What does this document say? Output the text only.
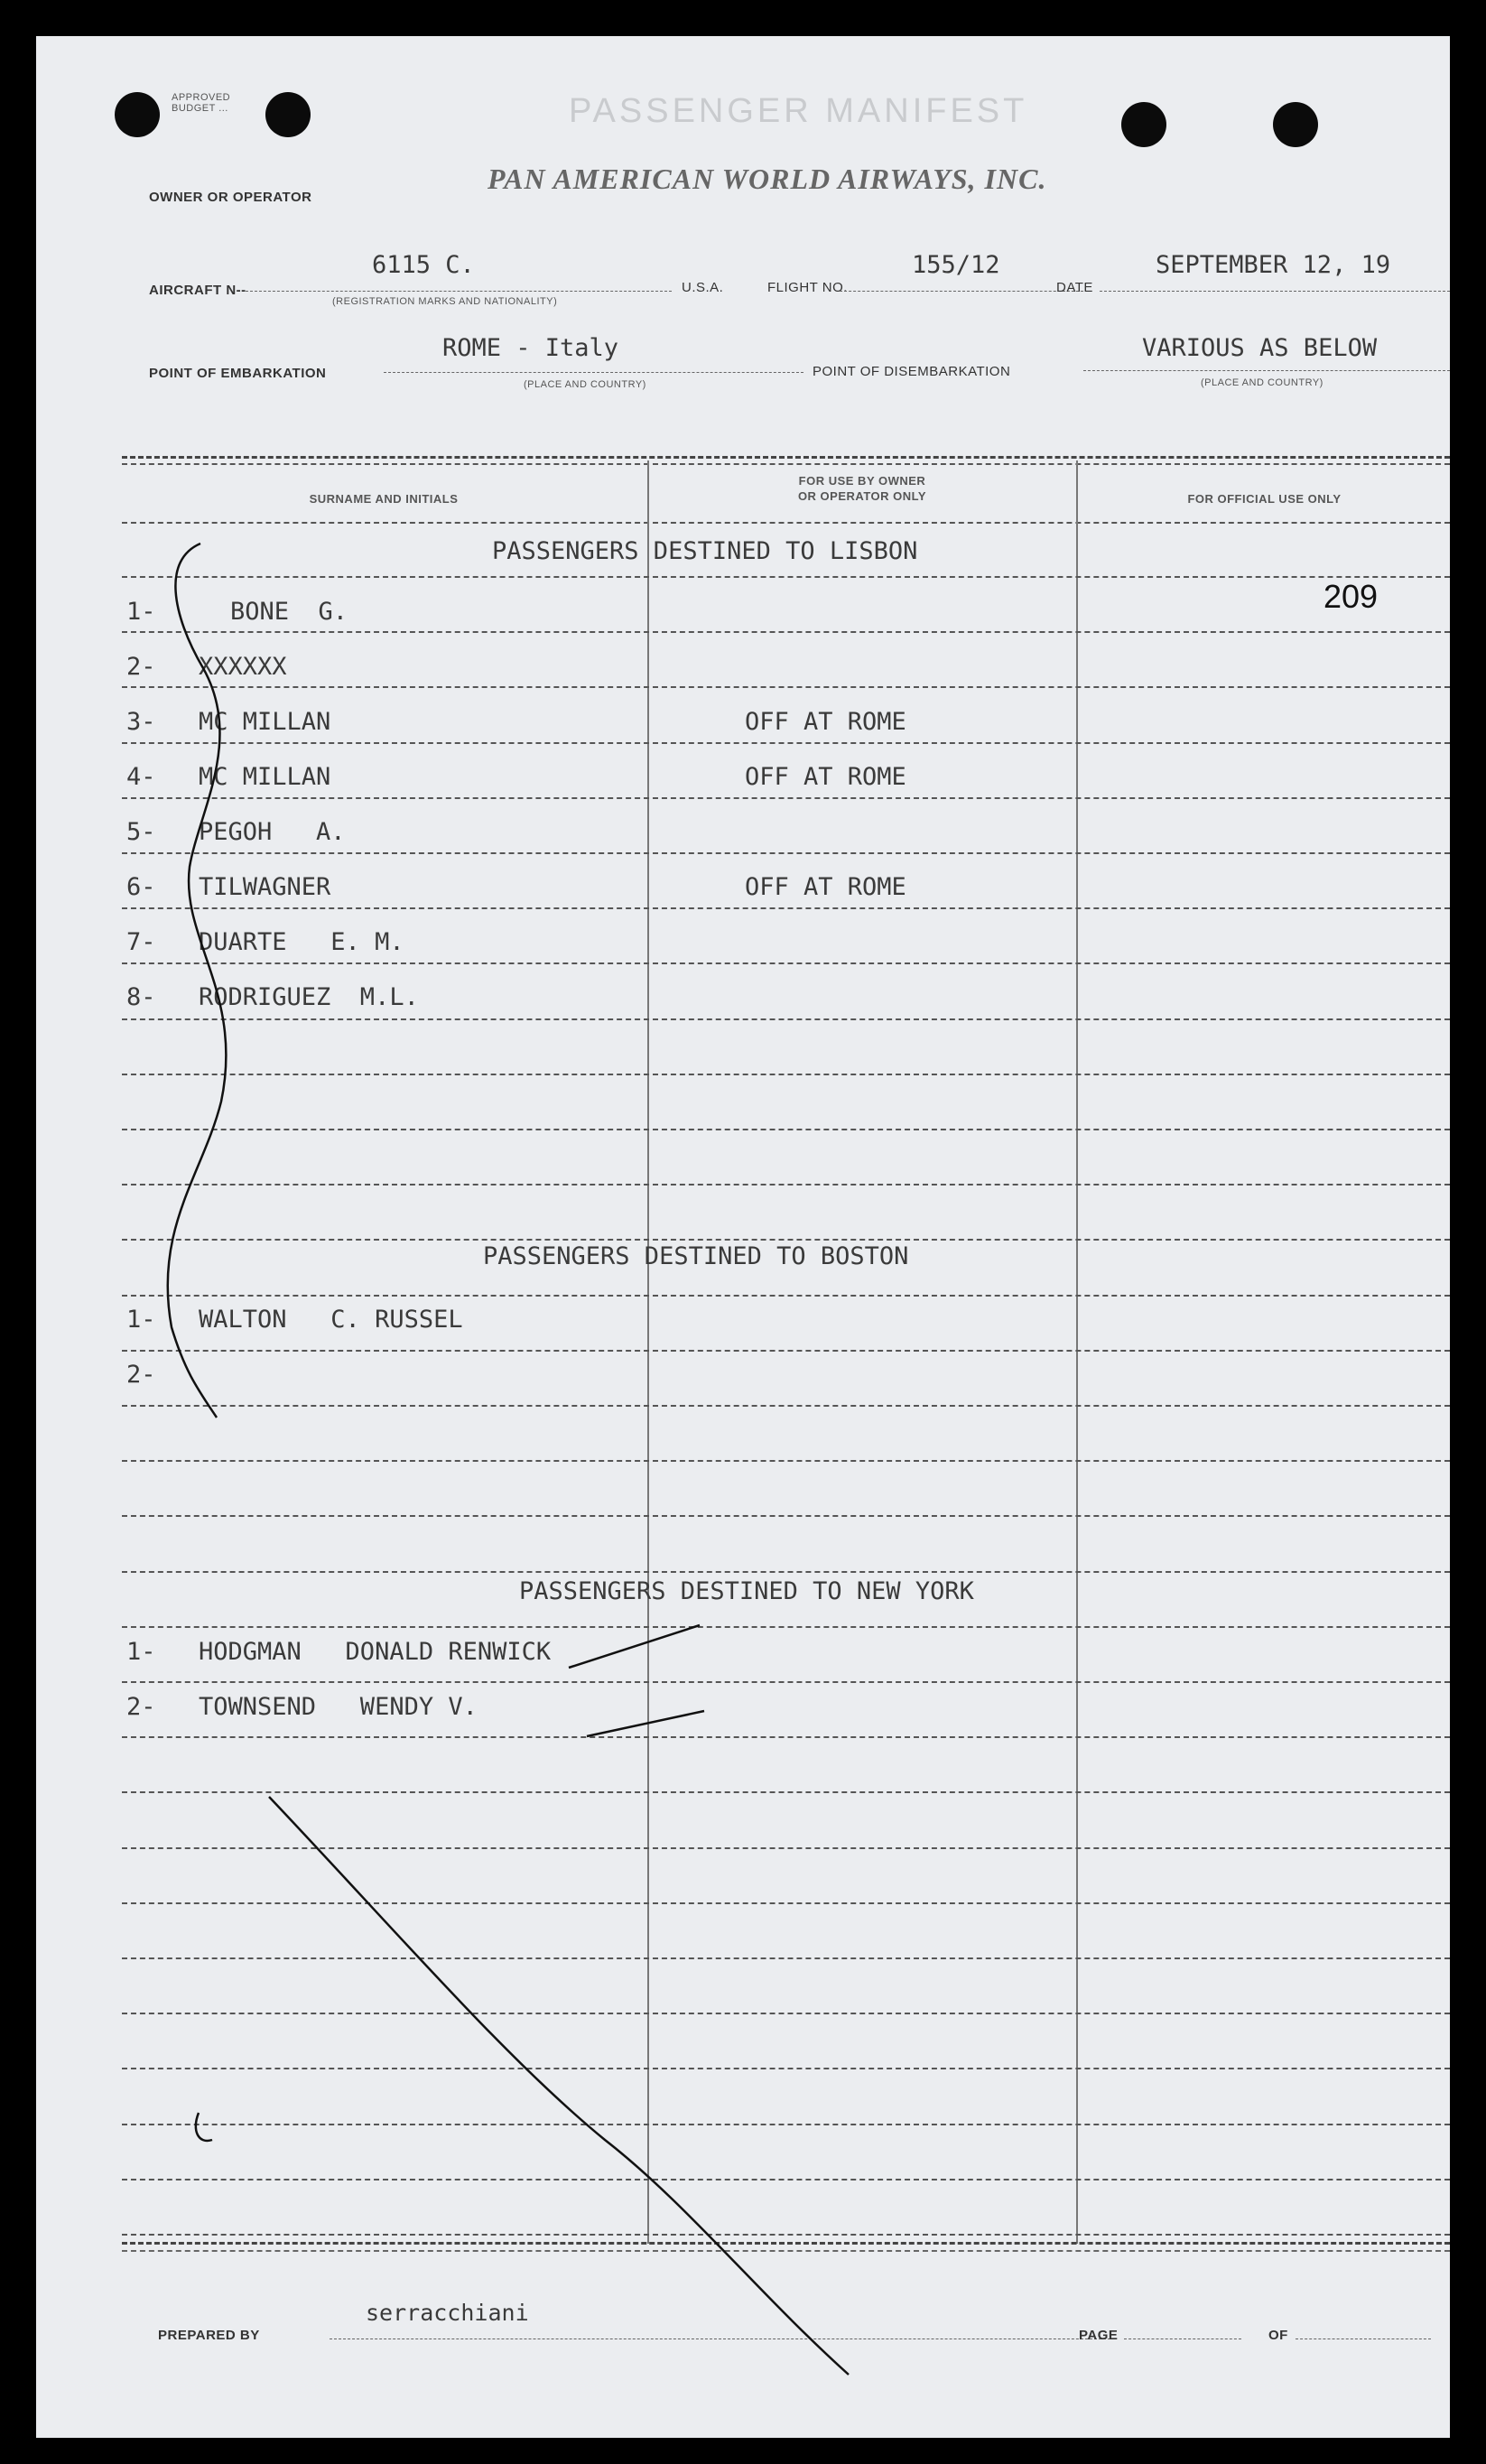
APPROVED BUDGET ...	PASSENGER MANIFEST
PAN AMERICAN WORLD AIRWAYS, INC.
OWNER OR OPERATOR
AIRCRAFT N--
6115 C.
(REGISTRATION MARKS AND NATIONALITY)
U.S.A.	FLIGHT NO.
155/12
DATE
SEPTEMBER 12, 19
POINT OF EMBARKATION
ROME - Italy
(PLACE AND COUNTRY)
POINT OF DISEMBARKATION
VARIOUS AS BELOW
(PLACE AND COUNTRY)
SURNAME AND INITIALS
FOR USE BY OWNER
OR OPERATOR ONLY	FOR OFFICIAL USE ONLY
209
PASSENGERS DESTINED TO LISBON
1-	BONE  G.
2- XXXXXX
3- MC MILLAN	OFF AT ROME
4- MC MILLAN	OFF AT ROME
5- PEGOH   A.
6- TILWAGNER	OFF AT ROME
7- DUARTE   E. M.
8- RODRIGUEZ  M.L.
PASSENGERS DESTINED TO BOSTON
1- WALTON   C. RUSSEL
2-
PASSENGERS DESTINED TO NEW YORK
1- HODGMAN   DONALD RENWICK
2- TOWNSEND   WENDY V.
PREPARED BY
serracchiani
PAGE	OF
